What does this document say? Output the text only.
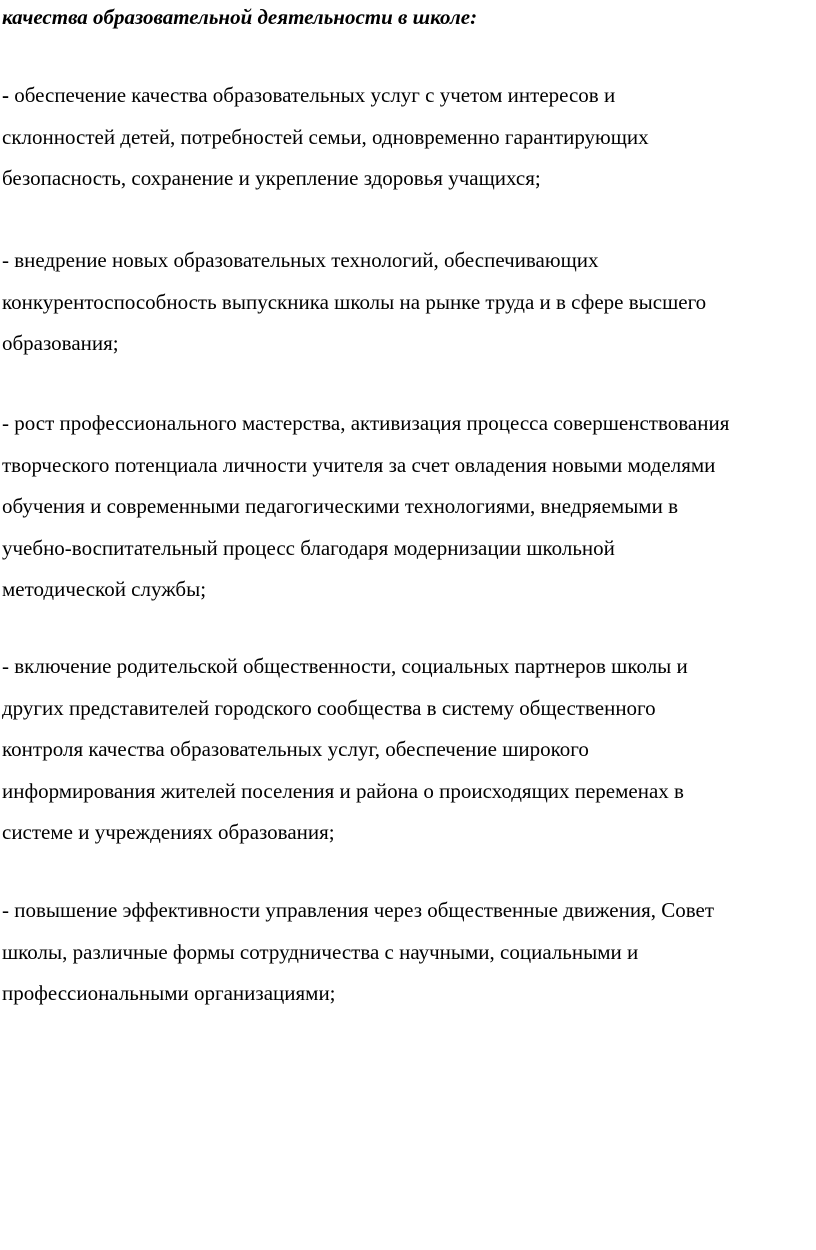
качества образовательной деятельности в школе:

- обеспечение качества образовательных услуг с учетом интересов и
склонностей детей, потребностей семьи, одновременно гарантирующих
безопасность, сохранение и укрепление здоровья учащихся;

- внедрение новых образовательных технологий, обеспечивающих
конкурентоспособность выпускника школы на рынке труда и в сфере высшего
образования;

- рост профессионального мастерства, активизация процесса совершенствования
творческого потенциала личности учителя за счет овладения новыми моделями
обучения и современными педагогическими технологиями, внедряемыми в
учебно-воспитательный процесс благодаря модернизации школьной
методической службы;

- включение родительской общественности, социальных партнеров школы и
других представителей городского сообщества в систему общественного
контроля качества образовательных услуг, обеспечение широкого
информирования жителей поселения и района о происходящих переменах в
системе и учреждениях образования;

- повышение эффективности управления через общественные движения, Совет
школы, различные формы сотрудничества с научными, социальными и
профессиональными организациями;
